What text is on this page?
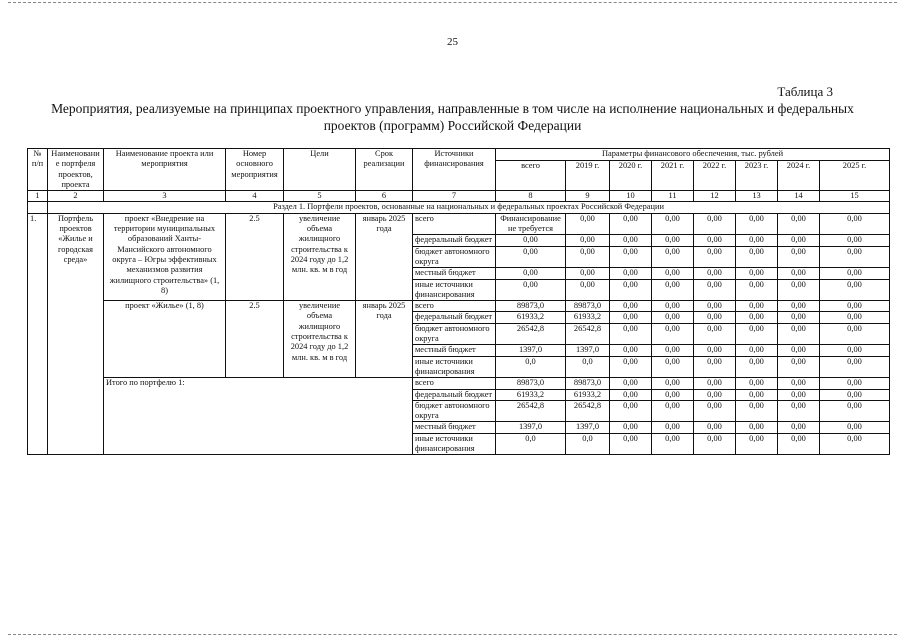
25
Таблица 3
Мероприятия, реализуемые на принципах проектного управления, направленные в том числе на исполнение национальных и федеральных проектов (программ) Российской Федерации
№ п/п	Наименование портфеля проектов, проекта	Наименование проекта или мероприятия	Номер основного мероприятия	Цели	Срок реализации	Источники финансирования	Параметры финансового обеспечения, тыс. рублей							
							всего	2019 г.	2020 г.	2021 г.	2022 г.	2023 г.	2024 г.	2025 г.
1	2	3	4	5	6	7	8	9	10	11	12	13	14	15
	Раздел 1. Портфели проектов, основанные на национальных и федеральных проектах Российской Федерации													
1.	Портфель проектов «Жилье и городская среда»	проект «Внедрение на территории муниципальных образований Ханты-Мансийского автономного округа – Югры эффективных механизмов развития жилищного строительства» (1, 8)	2.5	увеличение объема жилищного строительства к 2024 году до 1,2 млн. кв. м в год	январь 2025 года	всего	Финансирование не требуется	0,00	0,00	0,00	0,00	0,00	0,00	0,00
						федеральный бюджет	0,00	0,00	0,00	0,00	0,00	0,00	0,00	0,00
						бюджет автономного округа	0,00	0,00	0,00	0,00	0,00	0,00	0,00	0,00
						местный бюджет	0,00	0,00	0,00	0,00	0,00	0,00	0,00	0,00
						иные источники финансирования	0,00	0,00	0,00	0,00	0,00	0,00	0,00	0,00
		проект «Жилье» (1, 8)	2.5	увеличение объема жилищного строительства к 2024 году до 1,2 млн. кв. м в год	январь 2025 года	всего	89873,0	89873,0	0,00	0,00	0,00	0,00	0,00	0,00
						федеральный бюджет	61933,2	61933,2	0,00	0,00	0,00	0,00	0,00	0,00
						бюджет автономного округа	26542,8	26542,8	0,00	0,00	0,00	0,00	0,00	0,00
						местный бюджет	1397,0	1397,0	0,00	0,00	0,00	0,00	0,00	0,00
						иные источники финансирования	0,0	0,0	0,00	0,00	0,00	0,00	0,00	0,00
		Итого по портфелю 1:				всего	89873,0	89873,0	0,00	0,00	0,00	0,00	0,00	0,00
						федеральный бюджет	61933,2	61933,2	0,00	0,00	0,00	0,00	0,00	0,00
						бюджет автономного округа	26542,8	26542,8	0,00	0,00	0,00	0,00	0,00	0,00
						местный бюджет	1397,0	1397,0	0,00	0,00	0,00	0,00	0,00	0,00
						иные источники финансирования	0,0	0,0	0,00	0,00	0,00	0,00	0,00	0,00
